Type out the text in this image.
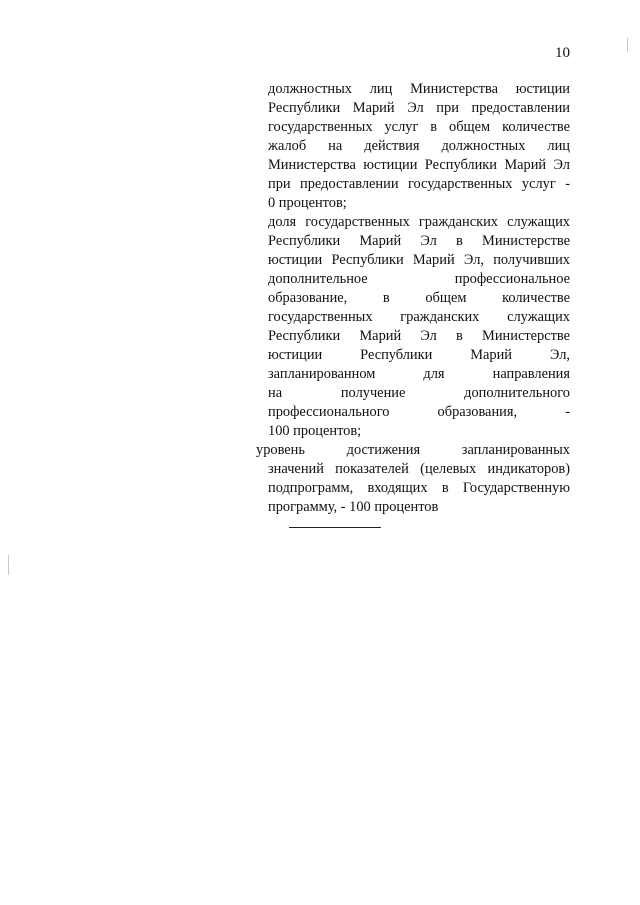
10
должностных лиц Министерства юстиции
Республики Марий Эл при предоставлении
государственных услуг в общем количестве
жалоб на действия должностных лиц
Министерства юстиции Республики Марий Эл
при предоставлении государственных услуг -
0 процентов;
доля государственных гражданских служащих
Республики Марий Эл в Министерстве
юстиции Республики Марий Эл, получивших
дополнительное профессиональное
образование, в общем количестве
государственных гражданских служащих
Республики Марий Эл в Министерстве
юстиции Республики Марий Эл,
запланированном для направления
на получение дополнительного
профессионального образования, -
100 процентов;
уровень достижения запланированных
значений показателей (целевых индикаторов)
подпрограмм, входящих в Государственную
программу, - 100 процентов
